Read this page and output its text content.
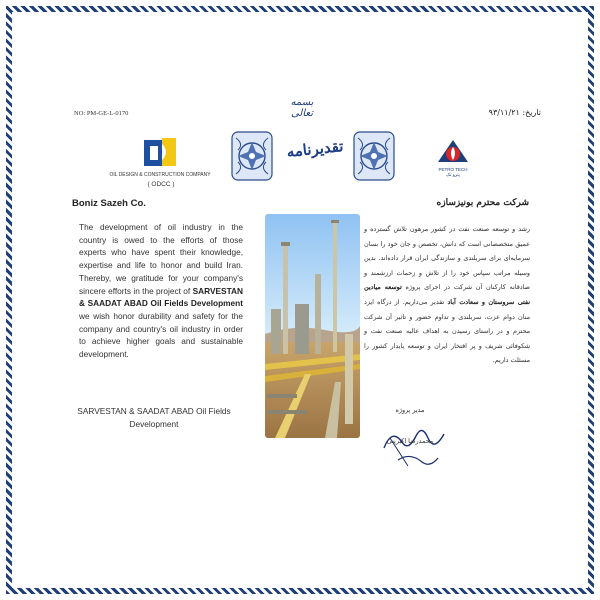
NO: PM-GE-L-0170	تاریخ: ۹۳/۱۱/۲۱
بسمه تعالی
تقدیرنامه
OIL DESIGN & CONSTRUCTION COMPANY
( ODCC )
PETRO TECH
پترو تک
Boniz Sazeh Co.
The development of oil industry in the country is owed to the efforts of those experts who have spent their knowledge, expertise and life to honor and build Iran. Thereby, we gratitude for your company's sincere efforts in the project of SARVESTAN & SAADAT ABAD Oil Fields Development we wish honor durability and safety for the company and country's oil industry in order to achieve higher goals and sustainable development.
SARVESTAN & SAADAT ABAD Oil Fields Development
شرکت محترم بونیزسازه
رشد و توسعه صنعت نفت در کشور مرهون تلاش گسترده و عمیق متخصصانی است که دانش، تخصص و جان خود را بسان سرمایه‌ای برای سربلندی و سازندگی ایران قرار داده‌اند. بدین وسیله مراتب سپاس خود را از تلاش و زحمات ارزشمند و صادقانه کارکنان آن شرکت در اجرای پروژه توسعه میادین نفتی سروستان و سعادت آباد تقدیر می‌داریم. از درگاه ایزد منان دوام عزت، سربلندی و تداوم حضور و تاثیر آن شرکت محترم و در راستای رسیدن به اهداف عالیه صنعت نفت و شکوفائی شریف و پر افتخار ایران و توسعه پایدار کشور را مسئلت داریم.
مدیر پروژه
محمدرضا اکبرینی
